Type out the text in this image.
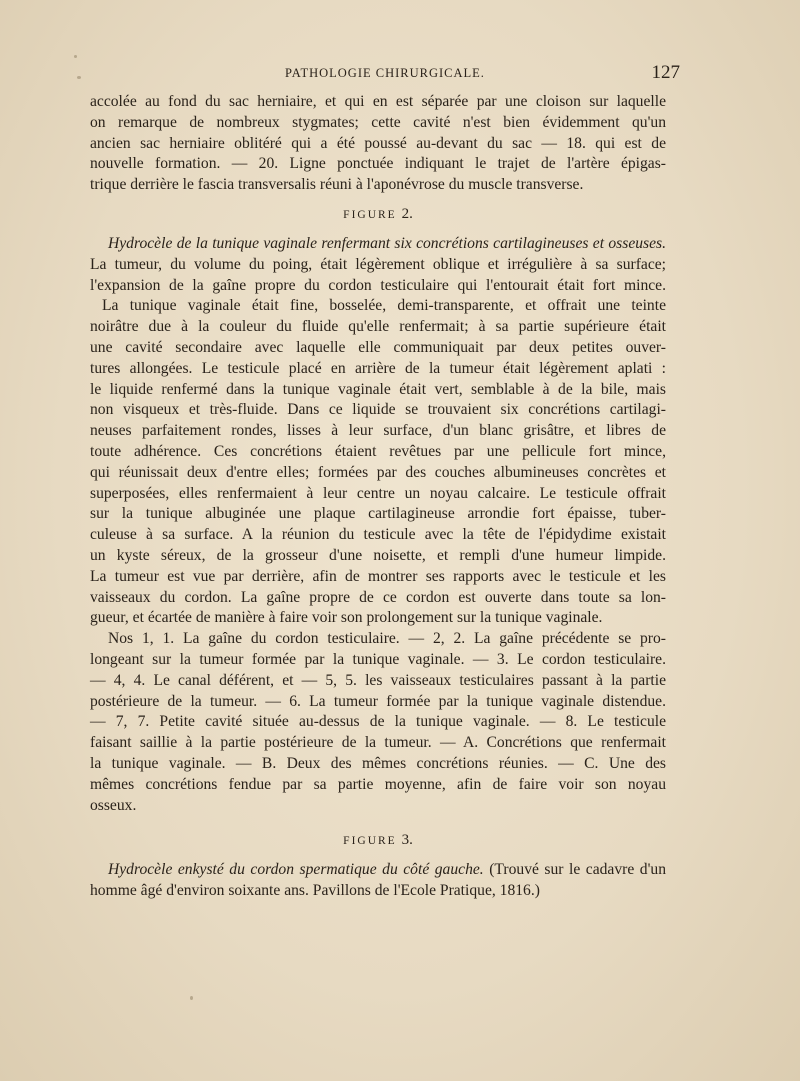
PATHOLOGIE CHIRURGICALE.	127
accolée au fond du sac herniaire, et qui en est séparée par une cloison sur laquelle
on remarque de nombreux stygmates; cette cavité n'est bien évidemment qu'un
ancien sac herniaire oblitéré qui a été poussé au-devant du sac — 18. qui est de
nouvelle formation. — 20. Ligne ponctuée indiquant le trajet de l'artère épigas-
trique derrière le fascia transversalis réuni à l'aponévrose du muscle transverse.
FIGURE 2.
Hydrocèle de la tunique vaginale renfermant six concrétions cartilagineuses et osseuses.
La tumeur, du volume du poing, était légèrement oblique et irrégulière à sa surface;
l'expansion de la gaîne propre du cordon testiculaire qui l'entourait était fort mince.
La tunique vaginale était fine, bosselée, demi-transparente, et offrait une teinte
noirâtre due à la couleur du fluide qu'elle renfermait; à sa partie supérieure était
une cavité secondaire avec laquelle elle communiquait par deux petites ouver-
tures allongées. Le testicule placé en arrière de la tumeur était légèrement aplati :
le liquide renfermé dans la tunique vaginale était vert, semblable à de la bile, mais
non visqueux et très-fluide. Dans ce liquide se trouvaient six concrétions cartilagi-
neuses parfaitement rondes, lisses à leur surface, d'un blanc grisâtre, et libres de
toute adhérence. Ces concrétions étaient revêtues par une pellicule fort mince,
qui réunissait deux d'entre elles; formées par des couches albumineuses concrètes et
superposées, elles renfermaient à leur centre un noyau calcaire. Le testicule offrait
sur la tunique albuginée une plaque cartilagineuse arrondie fort épaisse, tuber-
culeuse à sa surface. A la réunion du testicule avec la tête de l'épidydime existait
un kyste séreux, de la grosseur d'une noisette, et rempli d'une humeur limpide.
La tumeur est vue par derrière, afin de montrer ses rapports avec le testicule et les
vaisseaux du cordon. La gaîne propre de ce cordon est ouverte dans toute sa lon-
gueur, et écartée de manière à faire voir son prolongement sur la tunique vaginale.
Nos 1, 1. La gaîne du cordon testiculaire. — 2, 2. La gaîne précédente se pro-
longeant sur la tumeur formée par la tunique vaginale. — 3. Le cordon testiculaire.
— 4, 4. Le canal déférent, et — 5, 5. les vaisseaux testiculaires passant à la partie
postérieure de la tumeur. — 6. La tumeur formée par la tunique vaginale distendue.
— 7, 7. Petite cavité située au-dessus de la tunique vaginale. — 8. Le testicule
faisant saillie à la partie postérieure de la tumeur. — A. Concrétions que renfermait
la tunique vaginale. — B. Deux des mêmes concrétions réunies. — C. Une des
mêmes concrétions fendue par sa partie moyenne, afin de faire voir son noyau
osseux.
FIGURE 3.
Hydrocèle enkysté du cordon spermatique du côté gauche. (Trouvé sur le cadavre d'un
homme âgé d'environ soixante ans. Pavillons de l'Ecole Pratique, 1816.)
